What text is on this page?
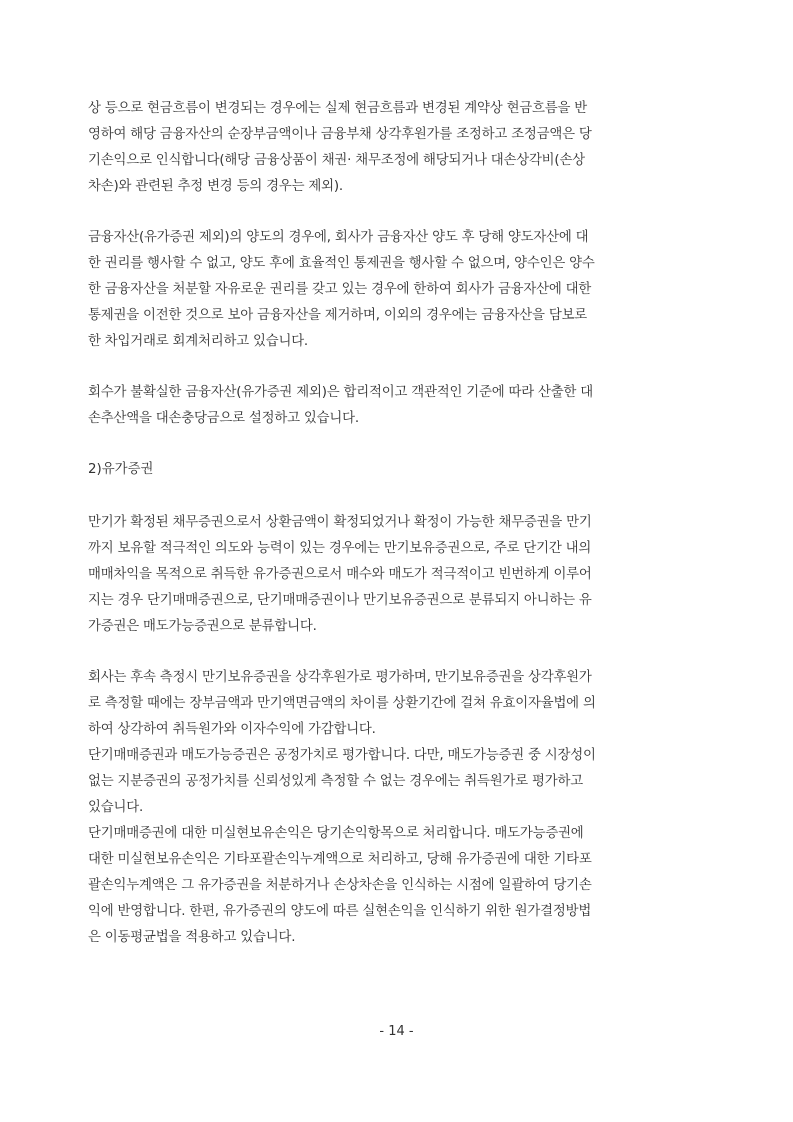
상 등으로 현금흐름이 변경되는 경우에는 실제 현금흐름과 변경된 계약상 현금흐름을 반
영하여 해당 금융자산의 순장부금액이나 금융부채 상각후원가를 조정하고 조정금액은 당
기손익으로 인식합니다(해당 금융상품이 채권· 채무조정에 해당되거나 대손상각비(손상
차손)와 관련된 추정 변경 등의 경우는 제외).
금융자산(유가증권 제외)의 양도의 경우에, 회사가 금융자산 양도 후 당해 양도자산에 대
한 권리를 행사할 수 없고, 양도 후에 효율적인 통제권을 행사할 수 없으며, 양수인은 양수
한 금융자산을 처분할 자유로운 권리를 갖고 있는 경우에 한하여 회사가 금융자산에 대한
통제권을 이전한 것으로 보아 금융자산을 제거하며, 이외의 경우에는 금융자산을 담보로
한 차입거래로 회계처리하고 있습니다.
회수가 불확실한 금융자산(유가증권 제외)은 합리적이고 객관적인 기준에 따라 산출한 대
손추산액을 대손충당금으로 설정하고 있습니다.
2)유가증권
만기가 확정된 채무증권으로서 상환금액이 확정되었거나 확정이 가능한 채무증권을 만기
까지 보유할 적극적인 의도와 능력이 있는 경우에는 만기보유증권으로, 주로 단기간 내의
매매차익을 목적으로 취득한 유가증권으로서 매수와 매도가 적극적이고 빈번하게 이루어
지는 경우 단기매매증권으로, 단기매매증권이나 만기보유증권으로 분류되지 아니하는 유
가증권은 매도가능증권으로 분류합니다.
회사는 후속 측정시 만기보유증권을 상각후원가로 평가하며, 만기보유증권을 상각후원가
로 측정할 때에는 장부금액과 만기액면금액의 차이를 상환기간에 걸쳐 유효이자율법에 의
하여 상각하여 취득원가와 이자수익에 가감합니다.
단기매매증권과 매도가능증권은 공정가치로 평가합니다. 다만, 매도가능증권 중 시장성이
없는 지분증권의 공정가치를 신뢰성있게 측정할 수 없는 경우에는 취득원가로 평가하고
있습니다.
단기매매증권에 대한 미실현보유손익은 당기손익항목으로 처리합니다. 매도가능증권에
대한 미실현보유손익은 기타포괄손익누계액으로 처리하고, 당해 유가증권에 대한 기타포
괄손익누계액은 그 유가증권을 처분하거나 손상차손을 인식하는 시점에 일괄하여 당기손
익에 반영합니다. 한편, 유가증권의 양도에 따른 실현손익을 인식하기 위한 원가결정방법
은 이동평균법을 적용하고 있습니다.
- 14 -
